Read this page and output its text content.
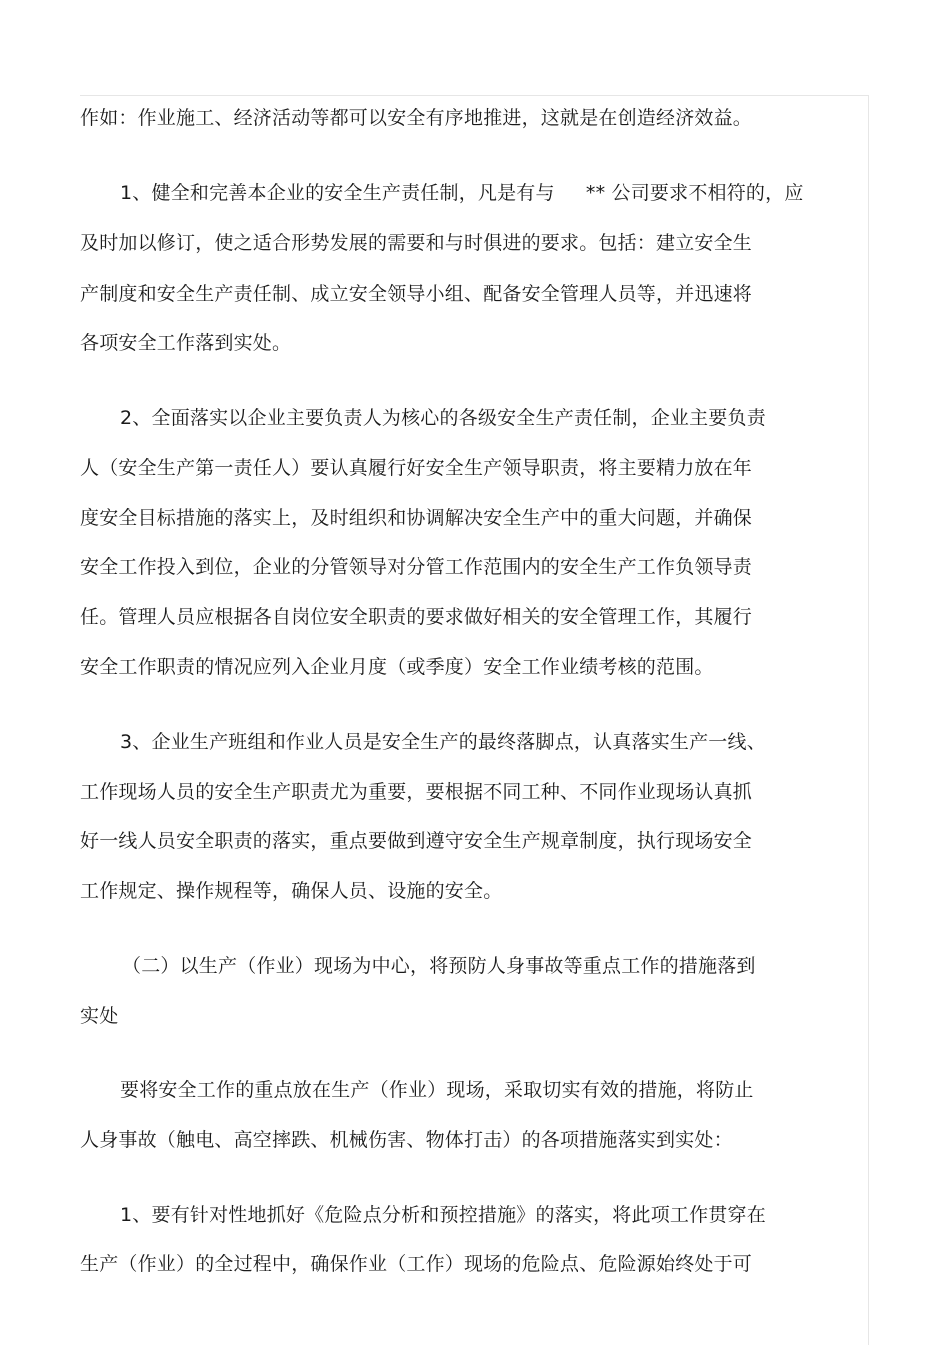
作如：作业施工、经济活动等都可以安全有序地推进，这就是在创造经济效益。
1、健全和完善本企业的安全生产责任制，凡是有与     ** 公司要求不相符的，应
及时加以修订，使之适合形势发展的需要和与时俱进的要求。包括：建立安全生
产制度和安全生产责任制、成立安全领导小组、配备安全管理人员等，并迅速将
各项安全工作落到实处。
2、全面落实以企业主要负责人为核心的各级安全生产责任制，企业主要负责
人（安全生产第一责任人）要认真履行好安全生产领导职责，将主要精力放在年
度安全目标措施的落实上，及时组织和协调解决安全生产中的重大问题，并确保
安全工作投入到位，企业的分管领导对分管工作范围内的安全生产工作负领导责
任。管理人员应根据各自岗位安全职责的要求做好相关的安全管理工作，其履行
安全工作职责的情况应列入企业月度（或季度）安全工作业绩考核的范围。
3、企业生产班组和作业人员是安全生产的最终落脚点，认真落实生产一线、
工作现场人员的安全生产职责尤为重要，要根据不同工种、不同作业现场认真抓
好一线人员安全职责的落实，重点要做到遵守安全生产规章制度，执行现场安全
工作规定、操作规程等，确保人员、设施的安全。
（二）以生产（作业）现场为中心，将预防人身事故等重点工作的措施落到
实处
要将安全工作的重点放在生产（作业）现场，采取切实有效的措施，将防止
人身事故（触电、高空摔跌、机械伤害、物体打击）的各项措施落实到实处：
1、要有针对性地抓好《危险点分析和预控措施》的落实，将此项工作贯穿在
生产（作业）的全过程中，确保作业（工作）现场的危险点、危险源始终处于可
